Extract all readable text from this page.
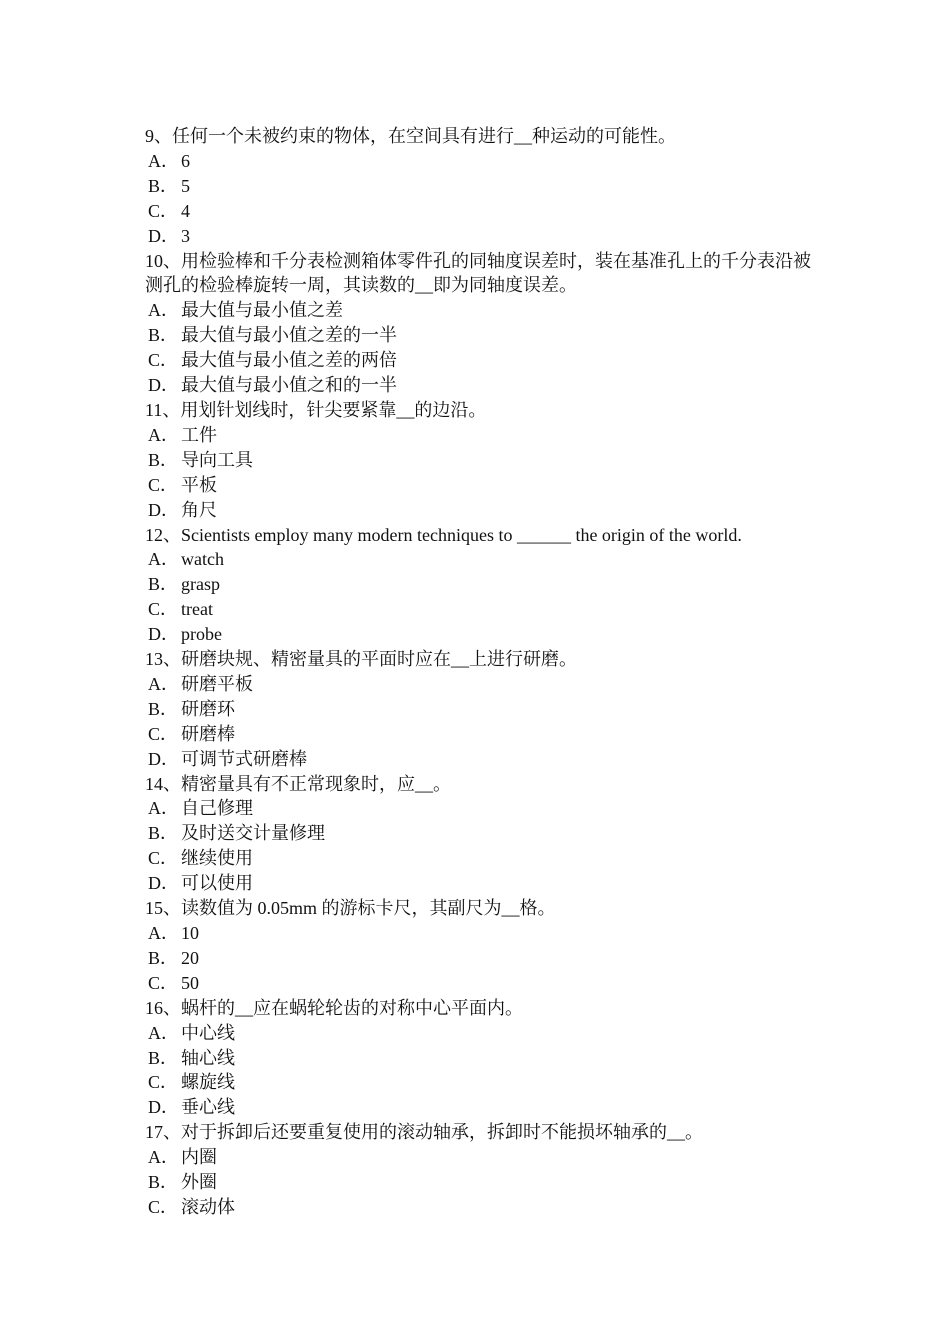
9、任何一个未被约束的物体，在空间具有进行__种运动的可能性。

A． 6

B． 5

C． 4

D． 3

10、用检验棒和千分表检测箱体零件孔的同轴度误差时，装在基准孔上的千分表沿被测孔的检验棒旋转一周，其读数的__即为同轴度误差。

A． 最大值与最小值之差

B． 最大值与最小值之差的一半

C． 最大值与最小值之差的两倍

D． 最大值与最小值之和的一半

11、用划针划线时，针尖要紧靠__的边沿。

A． 工件

B． 导向工具

C． 平板

D． 角尺

12、Scientists employ many modern techniques to ______ the origin of the world.

A． watch

B． grasp

C． treat

D． probe

13、研磨块规、精密量具的平面时应在__上进行研磨。

A． 研磨平板

B． 研磨环

C． 研磨棒

D． 可调节式研磨棒

14、精密量具有不正常现象时，应__。

A． 自己修理

B． 及时送交计量修理

C． 继续使用

D． 可以使用

15、读数值为 0.05mm 的游标卡尺，其副尺为__格。

A． 10

B． 20

C． 50

16、蜗杆的__应在蜗轮轮齿的对称中心平面内。

A． 中心线

B． 轴心线

C． 螺旋线

D． 垂心线

17、对于拆卸后还要重复使用的滚动轴承，拆卸时不能损坏轴承的__。

A． 内圈

B． 外圈

C． 滚动体
